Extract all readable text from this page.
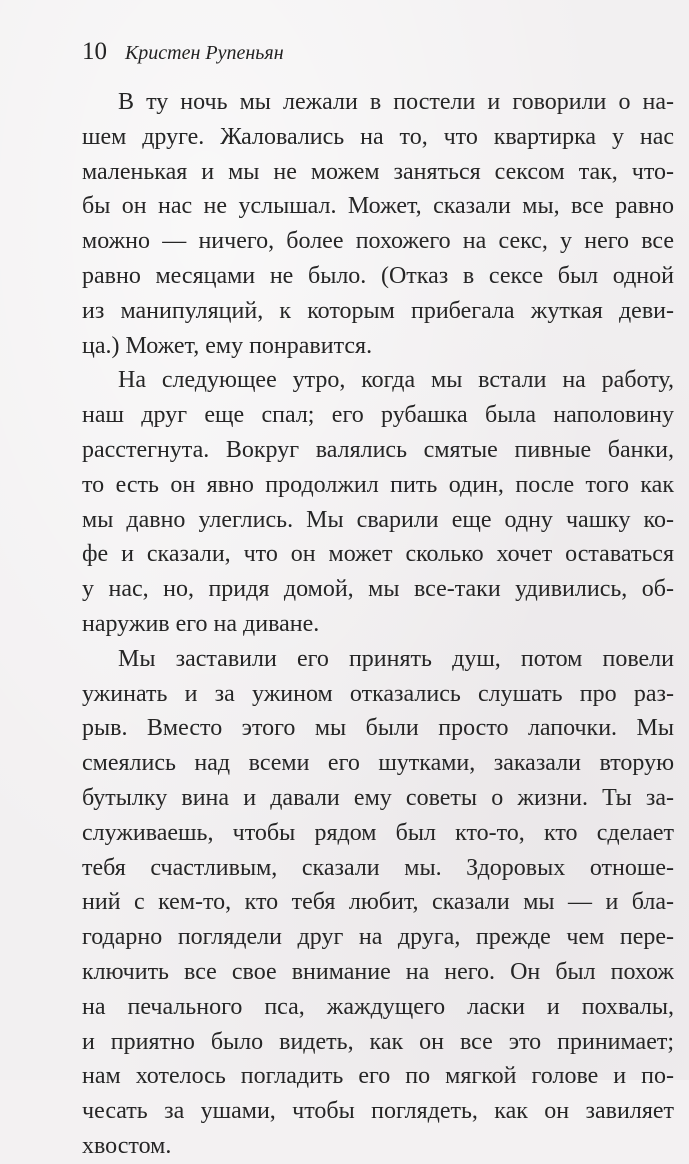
10 Кристен Рупеньян
В ту ночь мы лежали в постели и говорили о на-
шем друге. Жаловались на то, что квартирка у нас
маленькая и мы не можем заняться сексом так, что-
бы он нас не услышал. Может, сказали мы, все равно
можно — ничего, более похожего на секс, у него все
равно месяцами не было. (Отказ в сексе был одной
из манипуляций, к которым прибегала жуткая деви-
ца.) Может, ему понравится.
На следующее утро, когда мы встали на работу,
наш друг еще спал; его рубашка была наполовину
расстегнута. Вокруг валялись смятые пивные банки,
то есть он явно продолжил пить один, после того как
мы давно улеглись. Мы сварили еще одну чашку ко-
фе и сказали, что он может сколько хочет оставаться
у нас, но, придя домой, мы все-таки удивились, об-
наружив его на диване.
Мы заставили его принять душ, потом повели
ужинать и за ужином отказались слушать про раз-
рыв. Вместо этого мы были просто лапочки. Мы
смеялись над всеми его шутками, заказали вторую
бутылку вина и давали ему советы о жизни. Ты за-
служиваешь, чтобы рядом был кто-то, кто сделает
тебя счастливым, сказали мы. Здоровых отноше-
ний с кем-то, кто тебя любит, сказали мы — и бла-
годарно поглядели друг на друга, прежде чем пере-
ключить все свое внимание на него. Он был похож
на печального пса, жаждущего ласки и похвалы,
и приятно было видеть, как он все это принимает;
нам хотелось погладить его по мягкой голове и по-
чесать за ушами, чтобы поглядеть, как он завиляет
хвостом.
